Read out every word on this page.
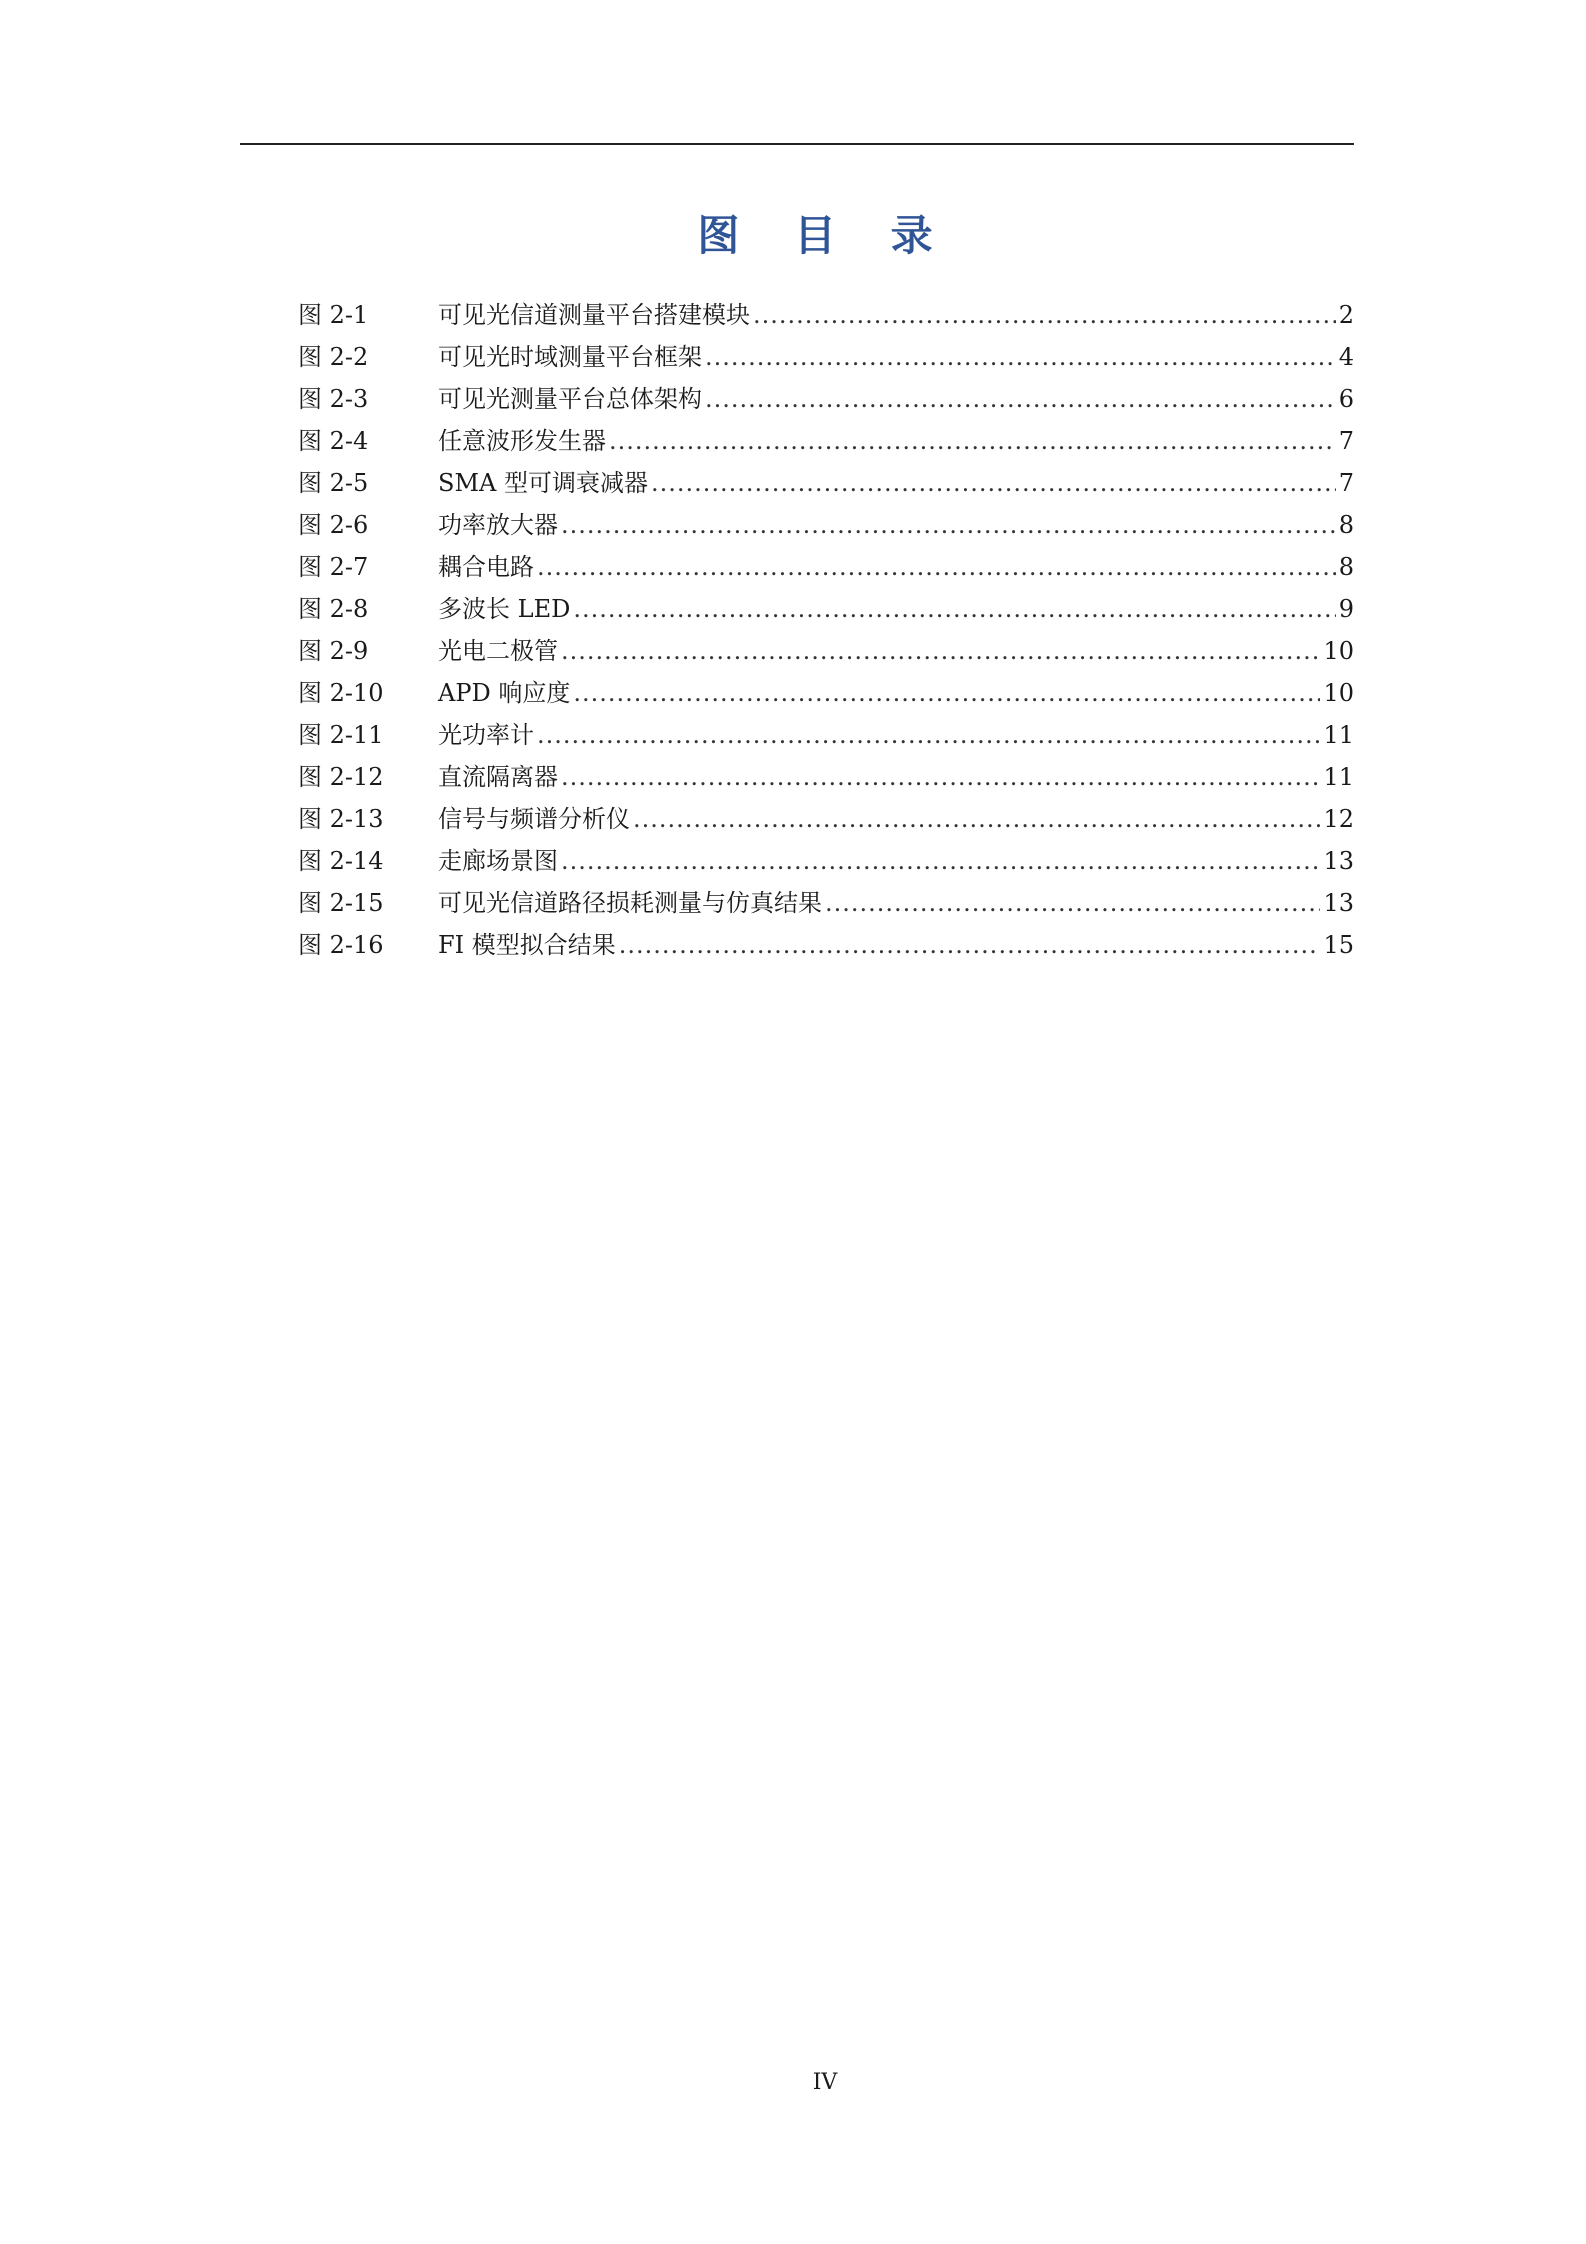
图 目 录
图 2-1	可见光信道测量平台搭建模块 .....	2
图 2-2	可见光时域测量平台框架 .....	4
图 2-3	可见光测量平台总体架构 .....	6
图 2-4	任意波形发生器 .....	7
图 2-5	SMA 型可调衰减器 .....	7
图 2-6	功率放大器 .....	8
图 2-7	耦合电路 .....	8
图 2-8	多波长 LED .....	9
图 2-9	光电二极管 .....	10
图 2-10	APD 响应度 .....	10
图 2-11	光功率计 .....	11
图 2-12	直流隔离器 .....	11
图 2-13	信号与频谱分析仪 .....	12
图 2-14	走廊场景图 .....	13
图 2-15	可见光信道路径损耗测量与仿真结果 .....	13
图 2-16	FI 模型拟合结果 .....	15
IV
